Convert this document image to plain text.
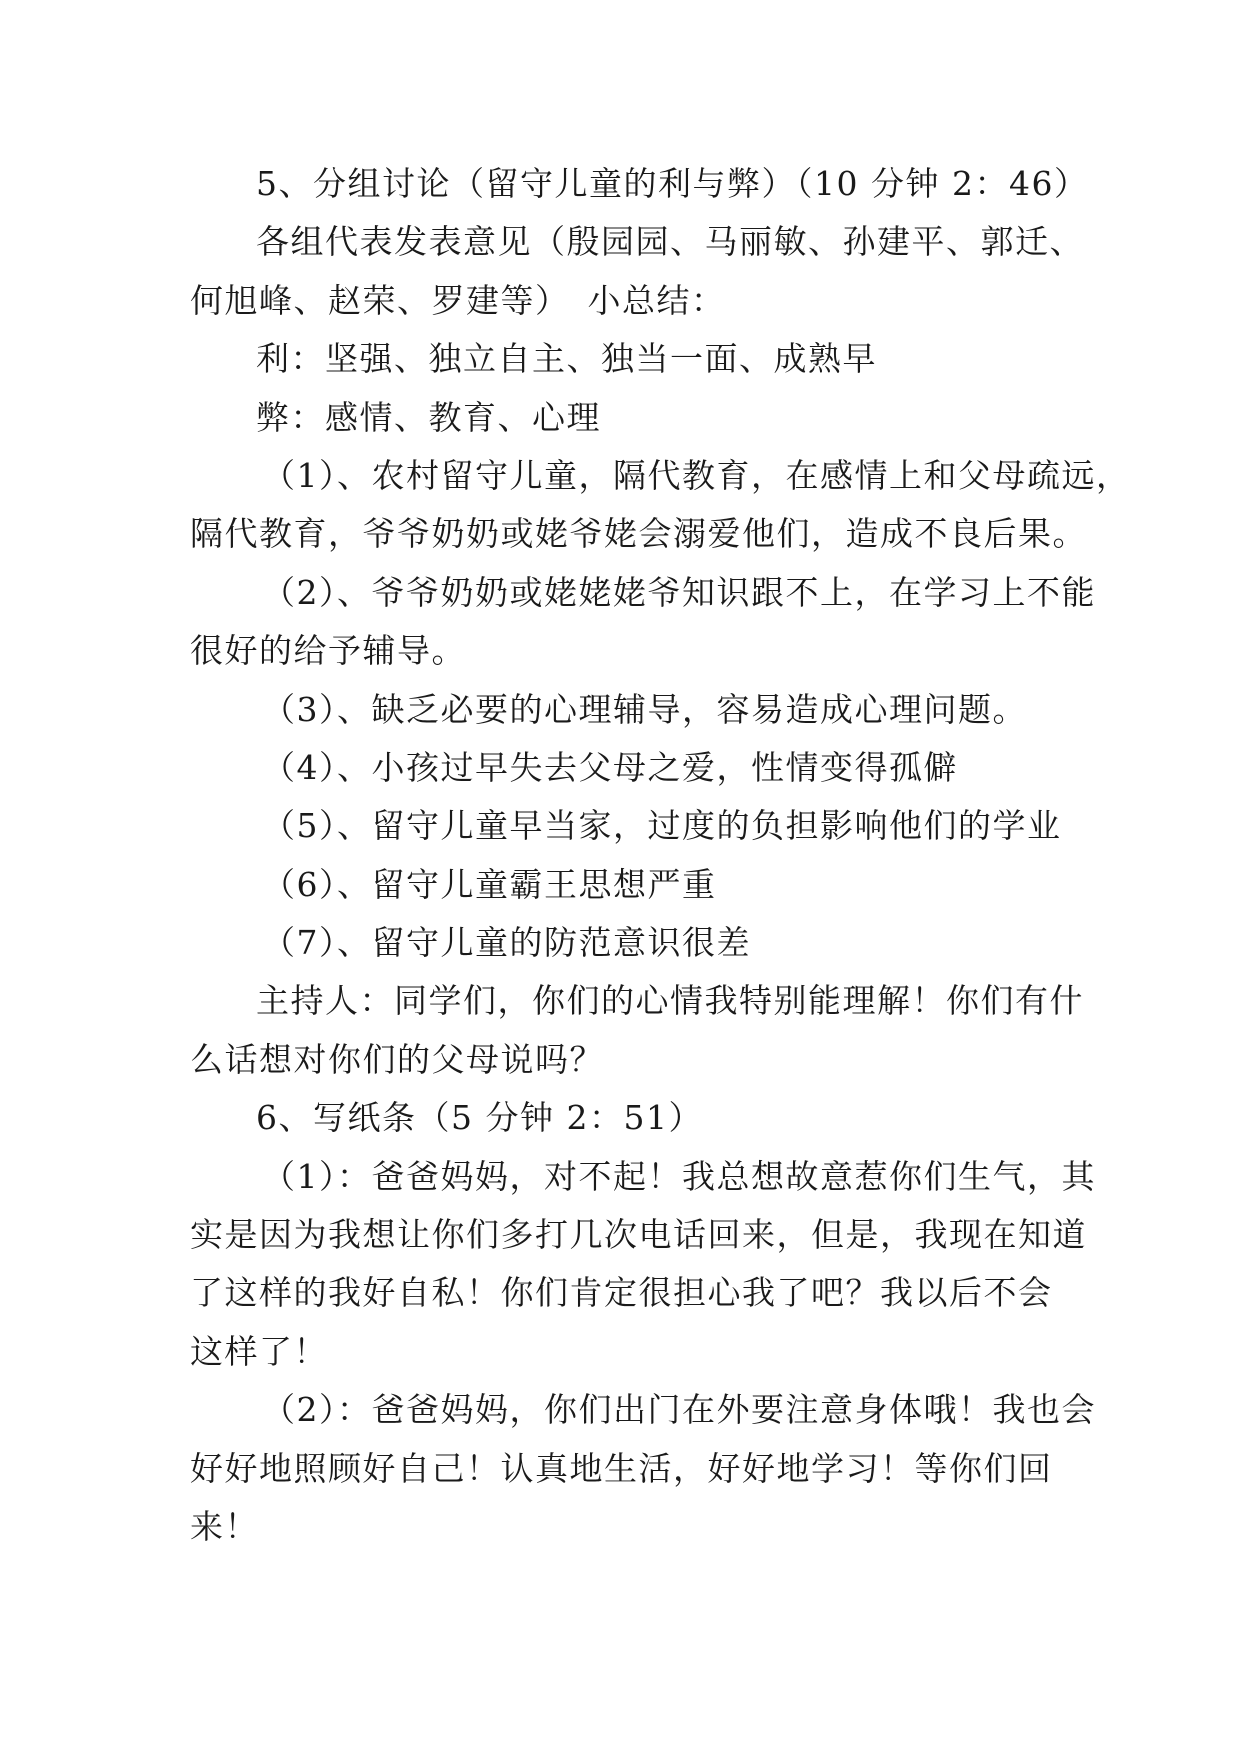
5、分组讨论（留守儿童的利与弊）（10 分钟 2：46）
各组代表发表意见（殷园园、马丽敏、孙建平、郭迁、
何旭峰、赵荣、罗建等）　小总结：
利：坚强、独立自主、独当一面、成熟早
弊：感情、教育、心理
（1）、农村留守儿童，隔代教育，在感情上和父母疏远，
隔代教育，爷爷奶奶或姥爷姥会溺爱他们，造成不良后果。
（2）、爷爷奶奶或姥姥姥爷知识跟不上，在学习上不能
很好的给予辅导。
（3）、缺乏必要的心理辅导，容易造成心理问题。
（4）、小孩过早失去父母之爱，性情变得孤僻
（5）、留守儿童早当家，过度的负担影响他们的学业
（6）、留守儿童霸王思想严重
（7）、留守儿童的防范意识很差
主持人：同学们，你们的心情我特别能理解！你们有什
么话想对你们的父母说吗？
6、写纸条（5 分钟 2：51）
（1）：爸爸妈妈，对不起！我总想故意惹你们生气，其
实是因为我想让你们多打几次电话回来，但是，我现在知道
了这样的我好自私！你们肯定很担心我了吧？我以后不会
这样了！
（2）：爸爸妈妈，你们出门在外要注意身体哦！我也会
好好地照顾好自己！认真地生活，好好地学习！等你们回
来！
